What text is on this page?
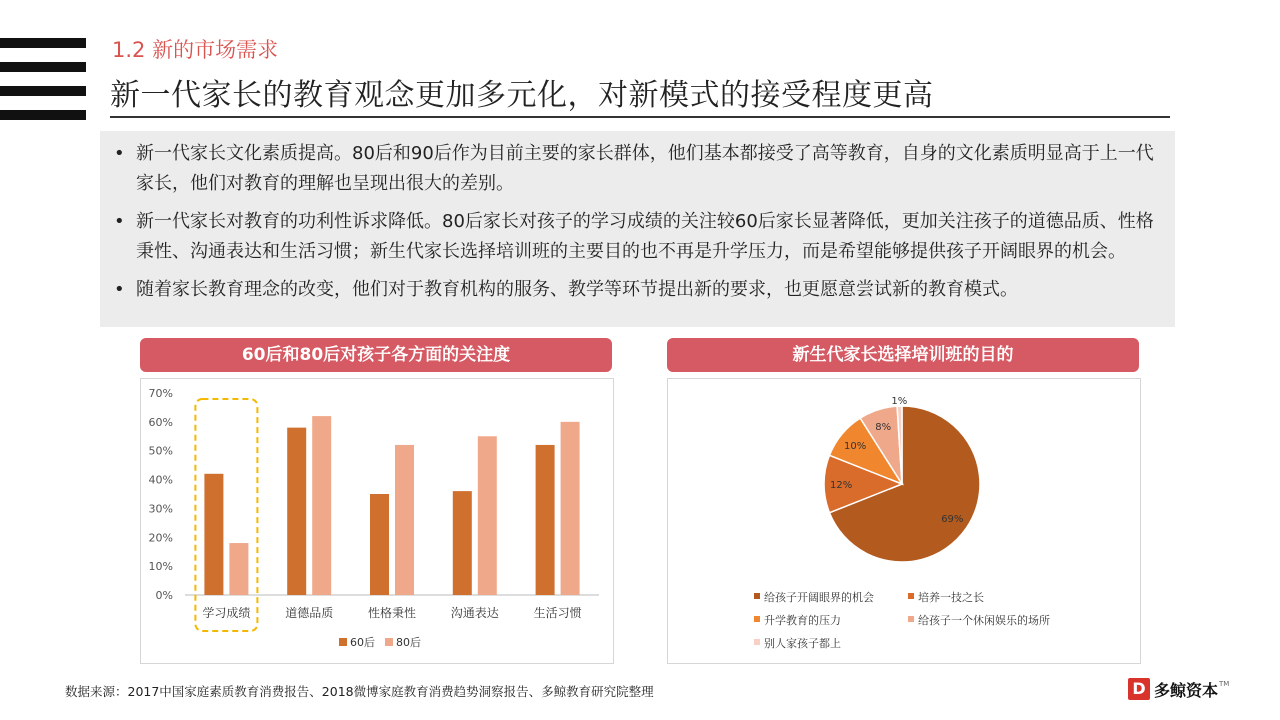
1.2 新的市场需求
新一代家长的教育观念更加多元化，对新模式的接受程度更高
• 新一代家长文化素质提高。80后和90后作为目前主要的家长群体，他们基本都接受了高等教育，自身的文化素质明显高于上一代家长，他们对教育的理解也呈现出很大的差别。
• 新一代家长对教育的功利性诉求降低。80后家长对孩子的学习成绩的关注较60后家长显著降低，更加关注孩子的道德品质、性格秉性、沟通表达和生活习惯；新生代家长选择培训班的主要目的也不再是升学压力，而是希望能够提供孩子开阔眼界的机会。
• 随着家长教育理念的改变，他们对于教育机构的服务、教学等环节提出新的要求，也更愿意尝试新的教育模式。
60后和80后对孩子各方面的关注度
0%
10%
20%
30%
40%
50%
60%
70%
学习成绩	道德品质	性格秉性	沟通表达	生活习惯
60后 80后
新生代家长选择培训班的目的
69%
12%
10%
8%
1%
给孩子开阔眼界的机会	培养一技之长
升学教育的压力	给孩子一个休闲娱乐的场所
别人家孩子都上
数据来源：2017中国家庭素质教育消费报告、2018微博家庭教育消费趋势洞察报告、多鲸教育研究院整理	D 多鲸资本 TM
